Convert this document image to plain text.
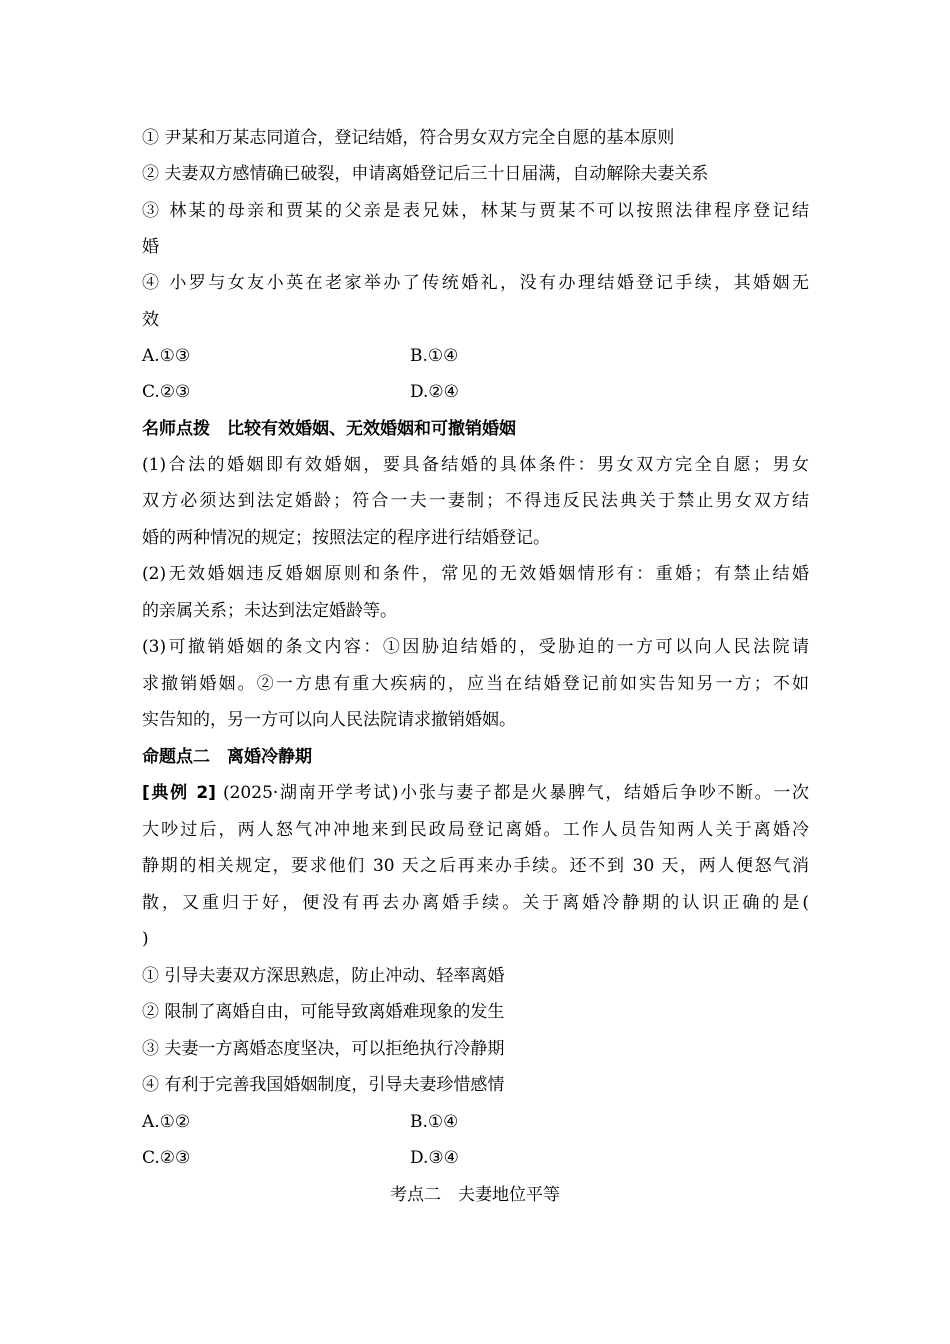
① 尹某和万某志同道合，登记结婚，符合男女双方完全自愿的基本原则
② 夫妻双方感情确已破裂，申请离婚登记后三十日届满，自动解除夫妻关系
③ 林某的母亲和贾某的父亲是表兄妹，林某与贾某不可以按照法律程序登记结
婚
④ 小罗与女友小英在老家举办了传统婚礼，没有办理结婚登记手续，其婚姻无
效
A.①③	B.①④
C.②③	D.②④
名师点拨　比较有效婚姻、无效婚姻和可撤销婚姻
(1)合法的婚姻即有效婚姻，要具备结婚的具体条件：男女双方完全自愿；男女
双方必须达到法定婚龄；符合一夫一妻制；不得违反民法典关于禁止男女双方结
婚的两种情况的规定；按照法定的程序进行结婚登记。
(2)无效婚姻违反婚姻原则和条件，常见的无效婚姻情形有：重婚；有禁止结婚
的亲属关系；未达到法定婚龄等。
(3)可撤销婚姻的条文内容：①因胁迫结婚的，受胁迫的一方可以向人民法院请
求撤销婚姻。②一方患有重大疾病的，应当在结婚登记前如实告知另一方；不如
实告知的，另一方可以向人民法院请求撤销婚姻。
命题点二　离婚冷静期
[典例 2] (2025·湖南开学考试)小张与妻子都是火暴脾气，结婚后争吵不断。一次
大吵过后，两人怒气冲冲地来到民政局登记离婚。工作人员告知两人关于离婚冷
静期的相关规定，要求他们 30 天之后再来办手续。还不到 30 天，两人便怒气消
散，又重归于好，便没有再去办离婚手续。关于离婚冷静期的认识正确的是(
)
① 引导夫妻双方深思熟虑，防止冲动、轻率离婚
② 限制了离婚自由，可能导致离婚难现象的发生
③ 夫妻一方离婚态度坚决，可以拒绝执行冷静期
④ 有利于完善我国婚姻制度，引导夫妻珍惜感情
A.①②	B.①④
C.②③	D.③④
考点二　夫妻地位平等
